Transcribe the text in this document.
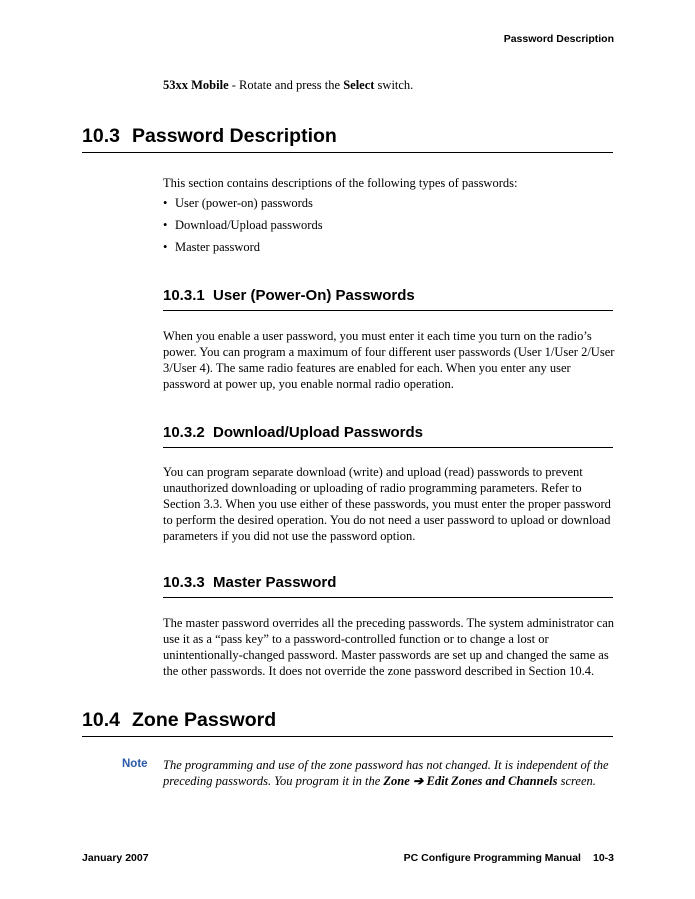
Password Description
53xx Mobile - Rotate and press the Select switch.
10.3 Password Description
This section contains descriptions of the following types of passwords:
• User (power-on) passwords
• Download/Upload passwords
• Master password
10.3.1 User (Power-On) Passwords
When you enable a user password, you must enter it each time you turn on the radio’s
power. You can program a maximum of four different user passwords (User 1/User 2/User
3/User 4). The same radio features are enabled for each. When you enter any user
password at power up, you enable normal radio operation.
10.3.2 Download/Upload Passwords
You can program separate download (write) and upload (read) passwords to prevent
unauthorized downloading or uploading of radio programming parameters. Refer to
Section 3.3. When you use either of these passwords, you must enter the proper password
to perform the desired operation. You do not need a user password to upload or download
parameters if you did not use the password option.
10.3.3 Master Password
The master password overrides all the preceding passwords. The system administrator can
use it as a “pass key” to a password-controlled function or to change a lost or
unintentionally-changed password. Master passwords are set up and changed the same as
the other passwords. It does not override the zone password described in Section 10.4.
10.4 Zone Password
Note The programming and use of the zone password has not changed. It is independent of the
preceding passwords. You program it in the Zone ➔ Edit Zones and Channels screen.
January 2007	PC Configure Programming Manual 10-3
